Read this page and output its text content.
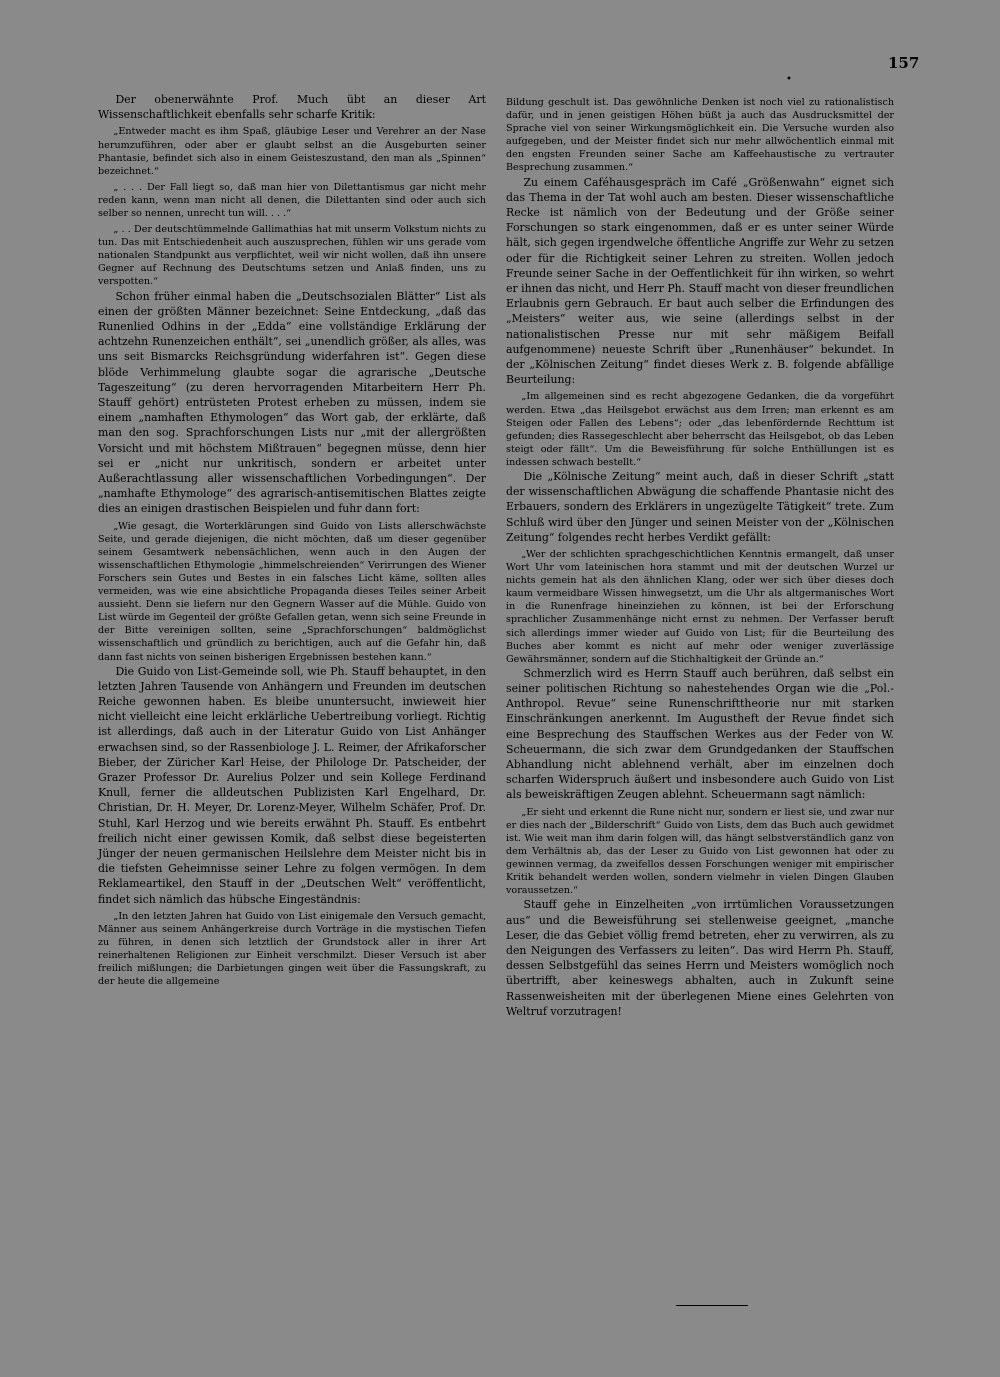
157
•

Der obenerwähnte Prof. Much übt an dieser Art Wissenschaftlichkeit ebenfalls sehr scharfe Kritik:

„Entweder macht es ihm Spaß, gläubige Leser und Verehrer an der Nase herumzuführen, oder aber er glaubt selbst an die Ausgeburten seiner Phantasie, befindet sich also in einem Geisteszustand, den man als „Spinnen“ bezeichnet.“

„ . . . Der Fall liegt so, daß man hier von Dilettantismus gar nicht mehr reden kann, wenn man nicht all denen, die Dilettanten sind oder auch sich selber so nennen, unrecht tun will. . . .“

„ . . Der deutschtümmelnde Gallimathias hat mit unserm Volkstum nichts zu tun. Das mit Entschiedenheit auch auszusprechen, fühlen wir uns gerade vom nationalen Standpunkt aus verpflichtet, weil wir nicht wollen, daß ihn unsere Gegner auf Rechnung des Deutschtums setzen und Anlaß finden, uns zu verspotten.“

Schon früher einmal haben die „Deutschsozialen Blätter“ List als einen der größten Männer bezeichnet: Seine Entdeckung, „daß das Runenlied Odhins in der „Edda“ eine vollständige Erklärung der achtzehn Runenzeichen enthält“, sei „unendlich größer, als alles, was uns seit Bismarcks Reichsgründung widerfahren ist“. Gegen diese blöde Verhimmelung glaubte sogar die agrarische „Deutsche Tageszeitung“ (zu deren hervorragenden Mitarbeitern Herr Ph. Stauff gehört) entrüsteten Protest erheben zu müssen, indem sie einem „namhaften Ethymologen“ das Wort gab, der erklärte, daß man den sog. Sprachforschungen Lists nur „mit der allergrößten Vorsicht und mit höchstem Mißtrauen“ begegnen müsse, denn hier sei er „nicht nur unkritisch, sondern er arbeitet unter Außerachtlassung aller wissenschaftlichen Vorbedingungen“. Der „namhafte Ethymologe“ des agrarisch-antisemitischen Blattes zeigte dies an einigen drastischen Beispielen und fuhr dann fort:

„Wie gesagt, die Worterklärungen sind Guido von Lists allerschwächste Seite, und gerade diejenigen, die nicht möchten, daß um dieser gegenüber seinem Gesamtwerk nebensächlichen, wenn auch in den Augen der wissenschaftlichen Ethymologie „himmelschreienden“ Verirrungen des Wiener Forschers sein Gutes und Bestes in ein falsches Licht käme, sollten alles vermeiden, was wie eine absichtliche Propaganda dieses Teiles seiner Arbeit aussieht. Denn sie liefern nur den Gegnern Wasser auf die Mühle. Guido von List würde im Gegenteil der größte Gefallen getan, wenn sich seine Freunde in der Bitte vereinigen sollten, seine „Sprachforschungen“ baldmöglichst wissenschaftlich und gründlich zu berichtigen, auch auf die Gefahr hin, daß dann fast nichts von seinen bisherigen Ergebnissen bestehen kann.“

Die Guido von List-Gemeinde soll, wie Ph. Stauff behauptet, in den letzten Jahren Tausende von Anhängern und Freunden im deutschen Reiche gewonnen haben. Es bleibe ununtersucht, inwieweit hier nicht vielleicht eine leicht erklärliche Uebertreibung vorliegt. Richtig ist allerdings, daß auch in der Literatur Guido von List Anhänger erwachsen sind, so der Rassenbiologe J. L. Reimer, der Afrikaforscher Bieber, der Züricher Karl Heise, der Philologe Dr. Patscheider, der Grazer Professor Dr. Aurelius Polzer und sein Kollege Ferdinand Knull, ferner die alldeutschen Publizisten Karl Engelhard, Dr. Christian, Dr. H. Meyer, Dr. Lorenz-Meyer, Wilhelm Schäfer, Prof. Dr. Stuhl, Karl Herzog und wie bereits erwähnt Ph. Stauff. Es entbehrt freilich nicht einer gewissen Komik, daß selbst diese begeisterten Jünger der neuen germanischen Heilslehre dem Meister nicht bis in die tiefsten Geheimnisse seiner Lehre zu folgen vermögen. In dem Reklameartikel, den Stauff in der „Deutschen Welt“ veröffentlicht, findet sich nämlich das hübsche Eingeständnis:

„In den letzten Jahren hat Guido von List einigemale den Versuch gemacht, Männer aus seinem Anhängerkreise durch Vorträge in die mystischen Tiefen zu führen, in denen sich letztlich der Grundstock aller in ihrer Art reinerhaltenen Religionen zur Einheit verschmilzt. Dieser Versuch ist aber freilich mißlungen; die Darbietungen gingen weit über die Fassungskraft, zu der heute die allgemeine

Bildung geschult ist. Das gewöhnliche Denken ist noch viel zu rationalistisch dafür, und in jenen geistigen Höhen büßt ja auch das Ausdrucksmittel der Sprache viel von seiner Wirkungsmöglichkeit ein. Die Versuche wurden also aufgegeben, und der Meister findet sich nur mehr allwöchentlich einmal mit den engsten Freunden seiner Sache am Kaffeehaustische zu vertrauter Besprechung zusammen.“

Zu einem Caféhausgespräch im Café „Größenwahn“ eignet sich das Thema in der Tat wohl auch am besten. Dieser wissenschaftliche Recke ist nämlich von der Bedeutung und der Größe seiner Forschungen so stark eingenommen, daß er es unter seiner Würde hält, sich gegen irgendwelche öffentliche Angriffe zur Wehr zu setzen oder für die Richtigkeit seiner Lehren zu streiten. Wollen jedoch Freunde seiner Sache in der Oeffentlichkeit für ihn wirken, so wehrt er ihnen das nicht, und Herr Ph. Stauff macht von dieser freundlichen Erlaubnis gern Gebrauch. Er baut auch selber die Erfindungen des „Meisters“ weiter aus, wie seine (allerdings selbst in der nationalistischen Presse nur mit sehr mäßigem Beifall aufgenommene) neueste Schrift über „Runenhäuser“ bekundet. In der „Kölnischen Zeitung“ findet dieses Werk z. B. folgende abfällige Beurteilung:

„Im allgemeinen sind es recht abgezogene Gedanken, die da vorgeführt werden. Etwa „das Heilsgebot erwächst aus dem Irren; man erkennt es am Steigen oder Fallen des Lebens“; oder „das lebenfördernde Rechttum ist gefunden; dies Rassegeschlecht aber beherrscht das Heilsgebot, ob das Leben steigt oder fällt“. Um die Beweisführung für solche Enthüllungen ist es indessen schwach bestellt.“

Die „Kölnische Zeitung“ meint auch, daß in dieser Schrift „statt der wissenschaftlichen Abwägung die schaffende Phantasie nicht des Erbauers, sondern des Erklärers in ungezügelte Tätigkeit“ trete. Zum Schluß wird über den Jünger und seinen Meister von der „Kölnischen Zeitung“ folgendes recht herbes Verdikt gefällt:

„Wer der schlichten sprachgeschichtlichen Kenntnis ermangelt, daß unser Wort Uhr vom lateinischen hora stammt und mit der deutschen Wurzel ur nichts gemein hat als den ähnlichen Klang, oder wer sich über dieses doch kaum vermeidbare Wissen hinwegsetzt, um die Uhr als altgermanisches Wort in die Runenfrage hineinziehen zu können, ist bei der Erforschung sprachlicher Zusammenhänge nicht ernst zu nehmen. Der Verfasser beruft sich allerdings immer wieder auf Guido von List; für die Beurteilung des Buches aber kommt es nicht auf mehr oder weniger zuverlässige Gewährsmänner, sondern auf die Stichhaltigkeit der Gründe an.“

Schmerzlich wird es Herrn Stauff auch berühren, daß selbst ein seiner politischen Richtung so nahestehendes Organ wie die „Pol.-Anthropol. Revue“ seine Runenschrifttheorie nur mit starken Einschränkungen anerkennt. Im Augustheft der Revue findet sich eine Besprechung des Stauffschen Werkes aus der Feder von W. Scheuermann, die sich zwar dem Grundgedanken der Stauffschen Abhandlung nicht ablehnend verhält, aber im einzelnen doch scharfen Widerspruch äußert und insbesondere auch Guido von List als beweiskräftigen Zeugen ablehnt. Scheuermann sagt nämlich:

„Er sieht und erkennt die Rune nicht nur, sondern er liest sie, und zwar nur er dies nach der „Bilderschrift“ Guido von Lists, dem das Buch auch gewidmet ist. Wie weit man ihm darin folgen will, das hängt selbstverständlich ganz von dem Verhältnis ab, das der Leser zu Guido von List gewonnen hat oder zu gewinnen vermag, da zweifellos dessen Forschungen weniger mit empirischer Kritik behandelt werden wollen, sondern vielmehr in vielen Dingen Glauben voraussetzen.“

Stauff gehe in Einzelheiten „von irrtümlichen Voraussetzungen aus“ und die Beweisführung sei stellenweise geeignet, „manche Leser, die das Gebiet völlig fremd betreten, eher zu verwirren, als zu den Neigungen des Verfassers zu leiten“. Das wird Herrn Ph. Stauff, dessen Selbstgefühl das seines Herrn und Meisters womöglich noch übertrifft, aber keineswegs abhalten, auch in Zukunft seine Rassenweisheiten mit der überlegenen Miene eines Gelehrten von Weltruf vorzutragen!
